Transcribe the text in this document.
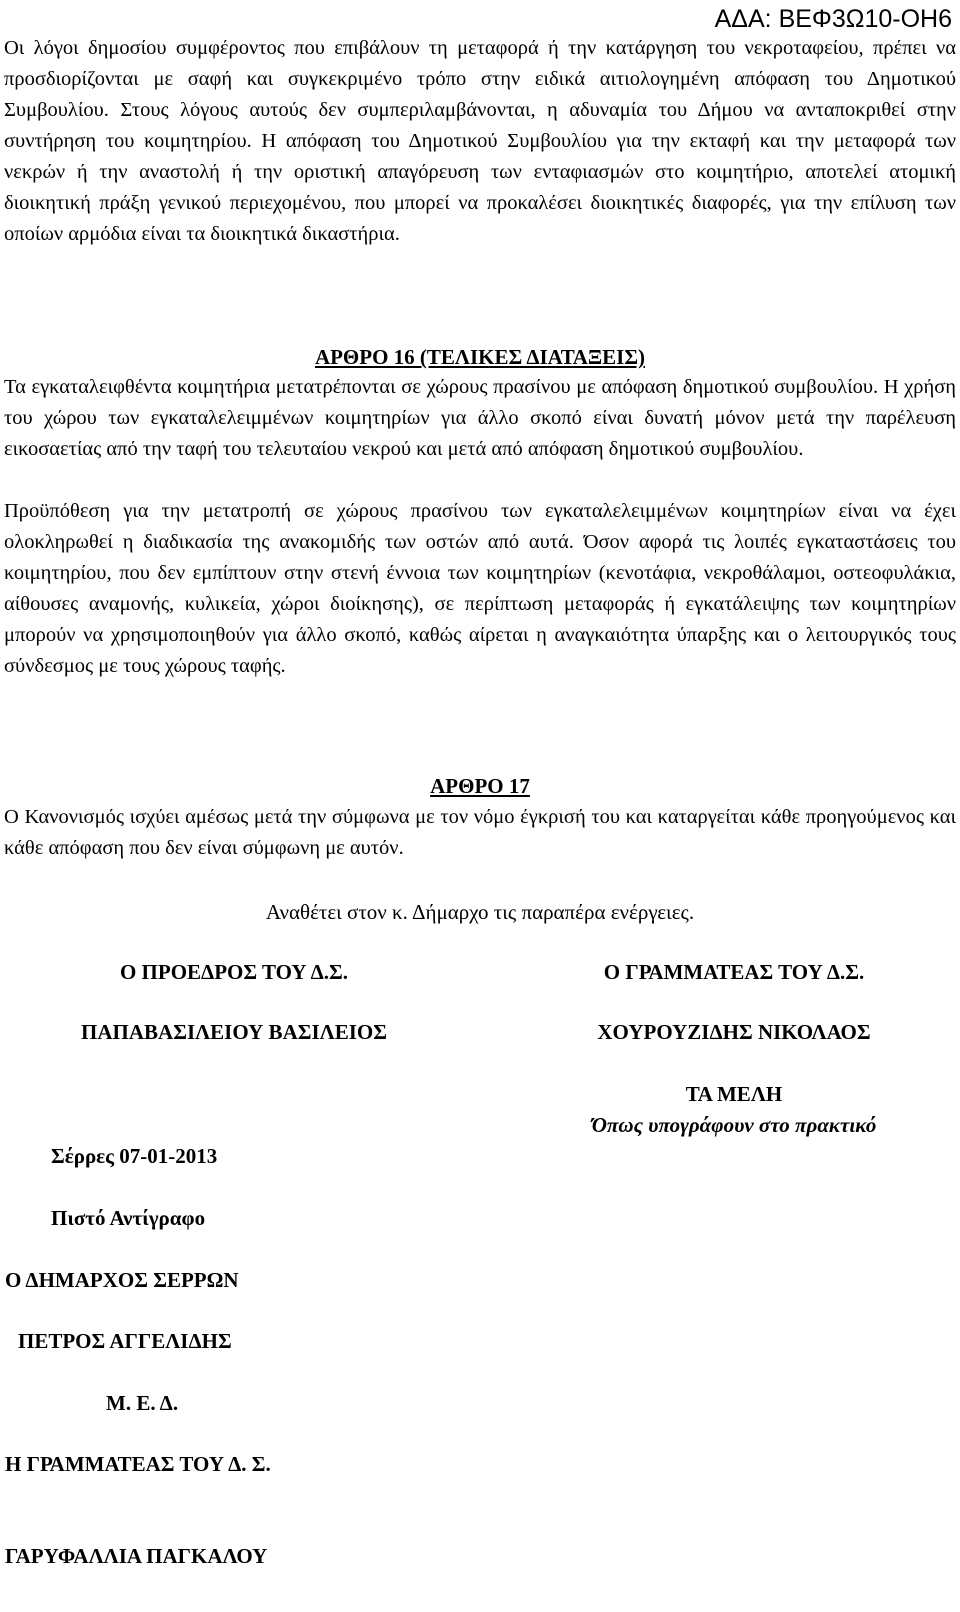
ΑΔΑ: ΒΕΦ3Ω10-ΟΗ6
Οι λόγοι δημοσίου συμφέροντος που επιβάλουν τη μεταφορά ή την κατάργηση του νεκροταφείου, πρέπει να προσδιορίζονται με σαφή και συγκεκριμένο τρόπο στην ειδικά αιτιολογημένη απόφαση του Δημοτικού Συμβουλίου. Στους λόγους αυτούς δεν συμπεριλαμβάνονται, η αδυναμία του Δήμου να ανταποκριθεί στην συντήρηση του κοιμητηρίου. Η απόφαση του Δημοτικού Συμβουλίου για την εκταφή και την μεταφορά των νεκρών ή την αναστολή ή την οριστική απαγόρευση των ενταφιασμών στο κοιμητήριο, αποτελεί ατομική διοικητική πράξη γενικού περιεχομένου, που μπορεί να προκαλέσει διοικητικές διαφορές, για την επίλυση των οποίων αρμόδια είναι τα διοικητικά δικαστήρια.
ΑΡΘΡΟ 16 (ΤΕΛΙΚΕΣ ΔΙΑΤΑΞΕΙΣ)
Τα εγκαταλειφθέντα κοιμητήρια μετατρέπονται σε χώρους πρασίνου με απόφαση δημοτικού συμβουλίου. Η χρήση του χώρου των εγκαταλελειμμένων κοιμητηρίων για άλλο σκοπό είναι δυνατή μόνον μετά την παρέλευση εικοσαετίας από την ταφή του τελευταίου νεκρού και μετά από απόφαση δημοτικού συμβουλίου.
Προϋπόθεση για την μετατροπή σε χώρους πρασίνου των εγκαταλελειμμένων κοιμητηρίων είναι να έχει ολοκληρωθεί η διαδικασία της ανακομιδής των οστών από αυτά. Όσον αφορά τις λοιπές εγκαταστάσεις του κοιμητηρίου, που δεν εμπίπτουν στην στενή έννοια των κοιμητηρίων (κενοτάφια, νεκροθάλαμοι, οστεοφυλάκια, αίθουσες αναμονής, κυλικεία, χώροι διοίκησης), σε περίπτωση μεταφοράς ή εγκατάλειψης των κοιμητηρίων μπορούν να χρησιμοποιηθούν για άλλο σκοπό, καθώς αίρεται η αναγκαιότητα ύπαρξης και ο λειτουργικός τους σύνδεσμος με τους χώρους ταφής.
ΑΡΘΡΟ 17
Ο Κανονισμός ισχύει αμέσως μετά την σύμφωνα με τον νόμο έγκρισή του και καταργείται κάθε προηγούμενος και κάθε απόφαση που δεν είναι σύμφωνη με αυτόν.
Αναθέτει στον κ. Δήμαρχο τις παραπέρα ενέργειες.
Ο ΠΡΟΕΔΡΟΣ ΤΟΥ Δ.Σ.	Ο ΓΡΑΜΜΑΤΕΑΣ ΤΟΥ Δ.Σ.
ΠΑΠΑΒΑΣΙΛΕΙΟΥ ΒΑΣΙΛΕΙΟΣ	ΧΟΥΡΟΥΖΙΔΗΣ ΝΙΚΟΛΑΟΣ
ΤΑ ΜΕΛΗ
Όπως υπογράφουν στο πρακτικό
Σέρρες 07-01-2013
Πιστό Αντίγραφο
Ο ΔΗΜΑΡΧΟΣ ΣΕΡΡΩΝ
ΠΕΤΡΟΣ ΑΓΓΕΛΙΔΗΣ
Μ. Ε. Δ.
Η ΓΡΑΜΜΑΤΕΑΣ ΤΟΥ Δ. Σ.
ΓΑΡΥΦΑΛΛΙΑ ΠΑΓΚΑΛΟΥ
